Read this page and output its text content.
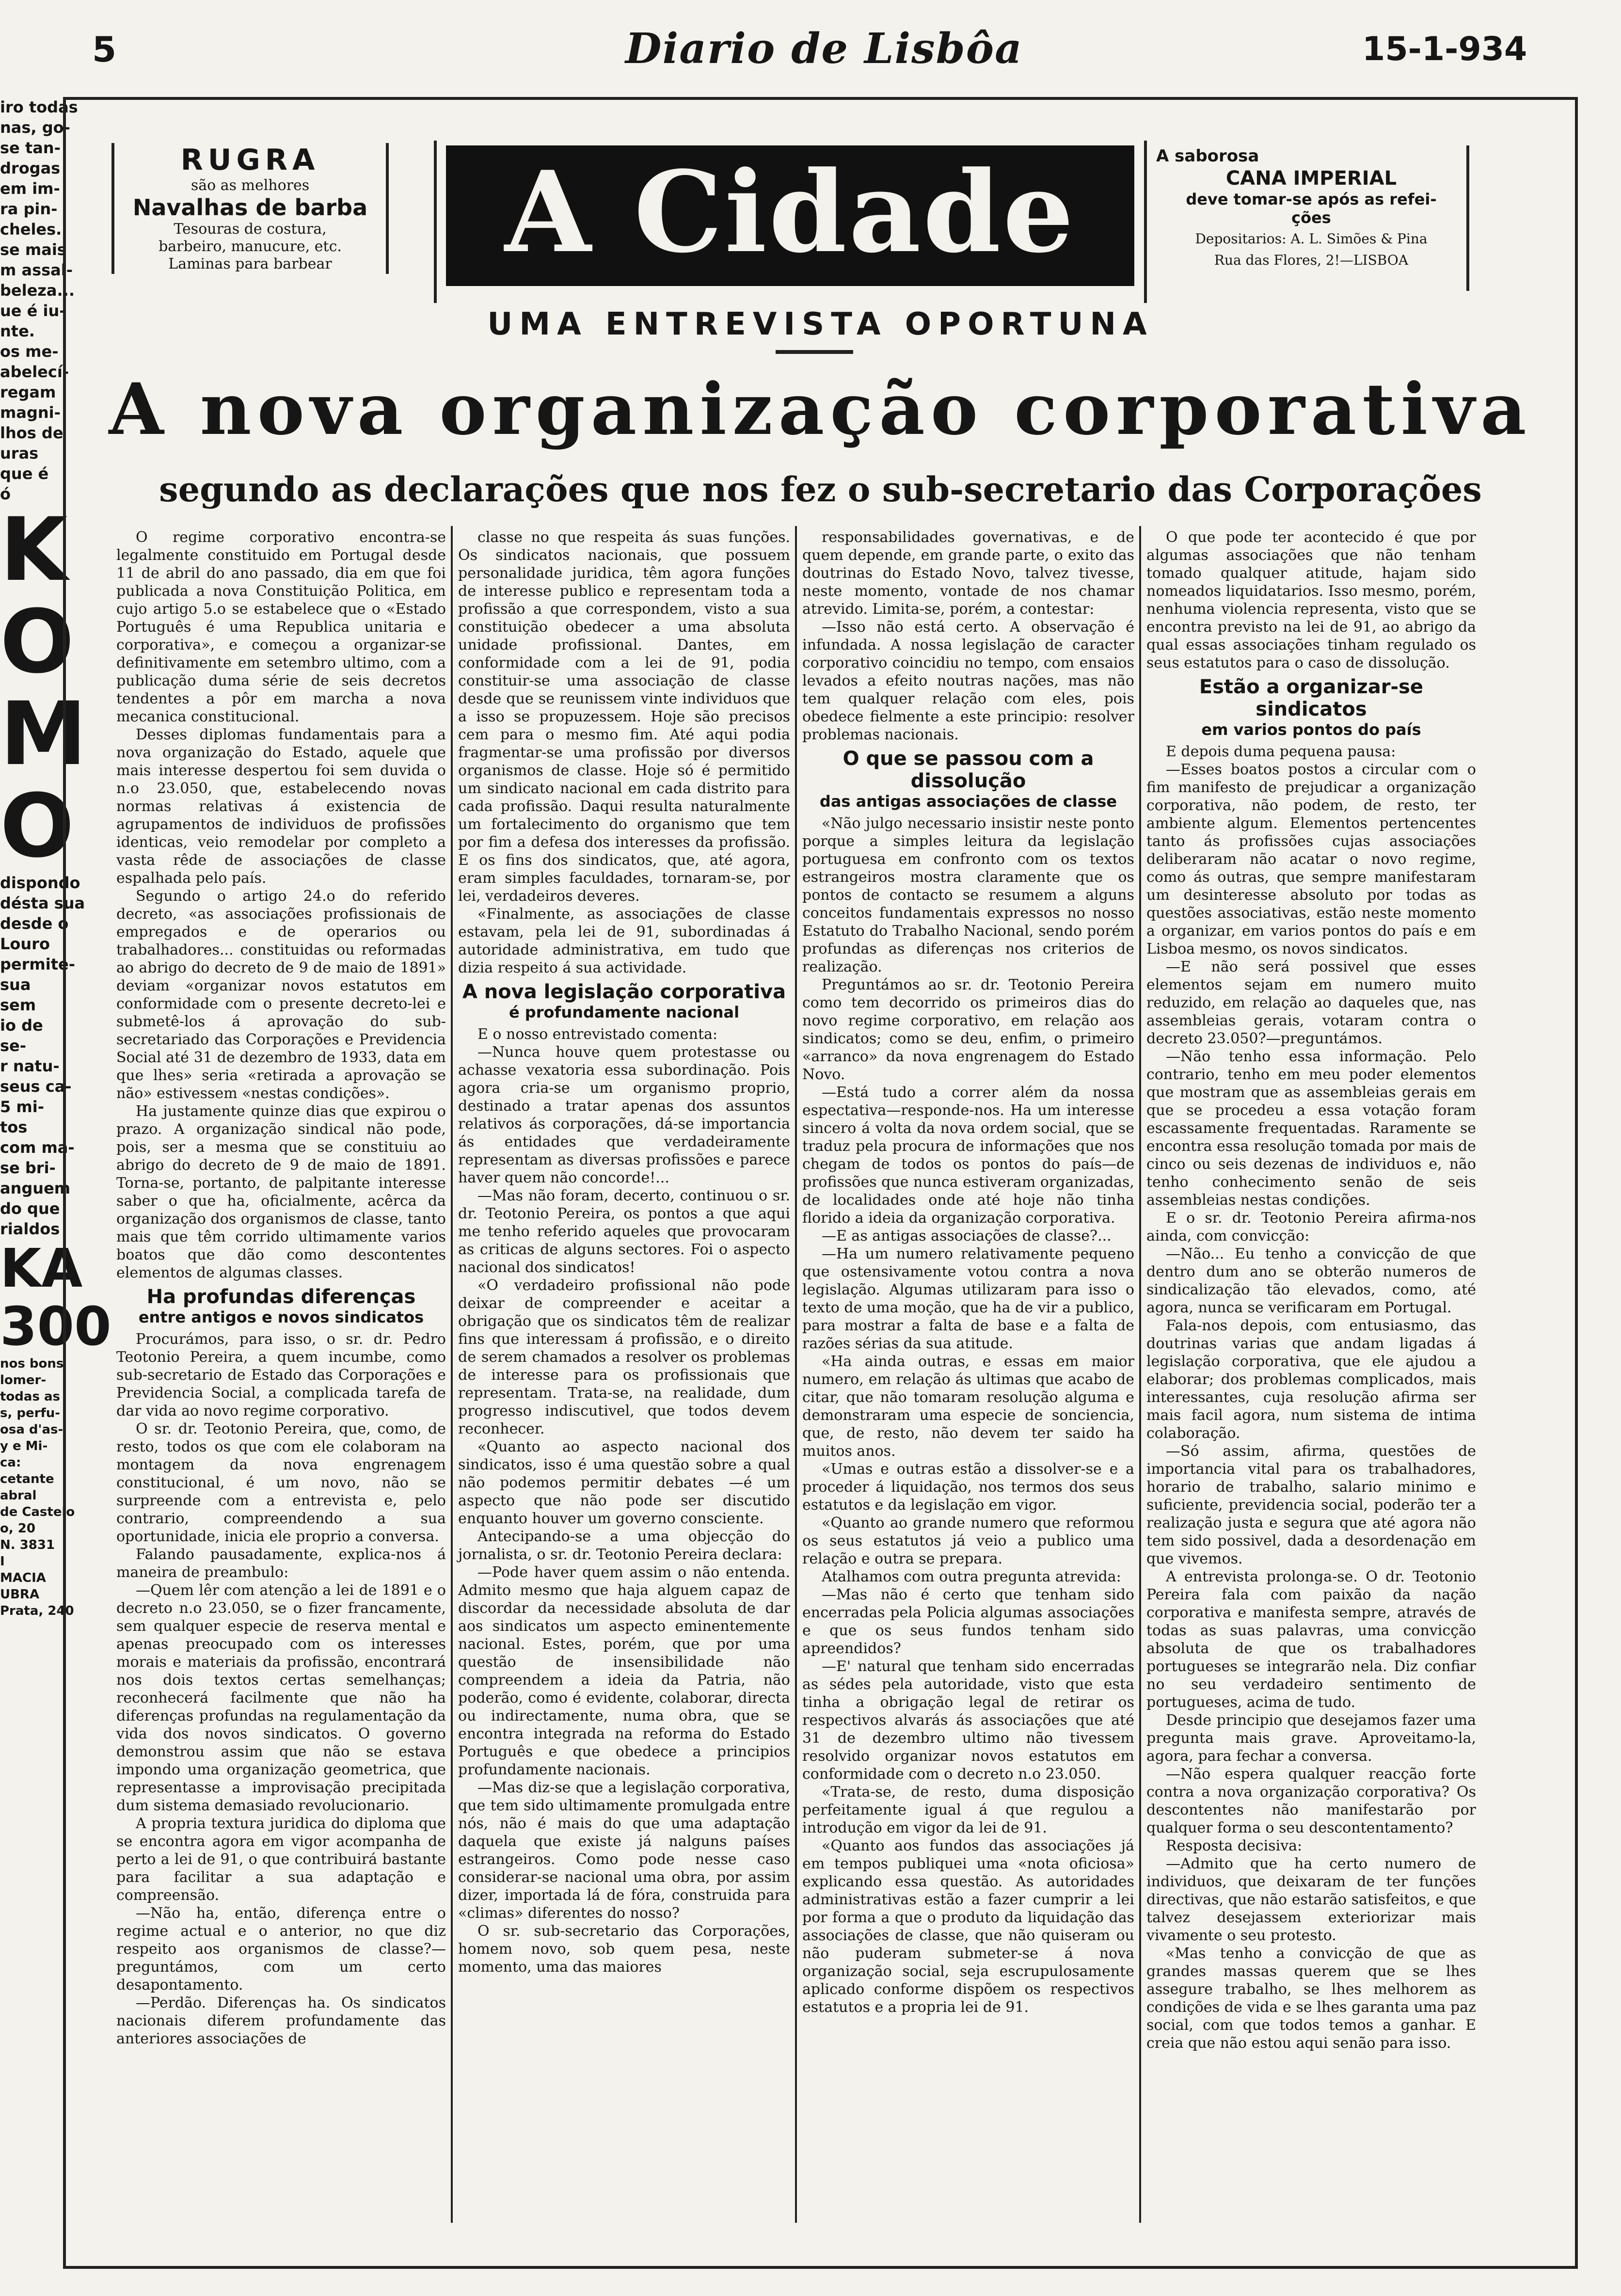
5	Diario de Lisbôa	15-1-934
iro todas
nas, go-
se tan-
drogas
em im-
ra pin-
cheles.
se mais
m assal-
beleza...
ue é iu-
nte.
os me-
abelecí-
regam
magni-
lhos de
uras
que é
ó
K
O
M
O
dispondo
désta sua
desde o
Louro
permite-
sua
sem
io de
se-
r natu-
seus ca-
5 mi-
tos
com ma-
se bri-
anguem
do que
rialdos
KA
300
nos bons
lomer-
todas as
s, perfu-
osa d'as-
y e Mi-
ca:
cetante
abral
de Castelo
o, 20
N. 3831
I
MACIA
UBRA
Prata, 240
RUGRA
são as melhores
Navalhas de barba
Tesouras de costura,
barbeiro, manucure, etc.
Laminas para barbear	A Cidade	A saborosa
CANA IMPERIAL
deve tomar-se após as refei-
ções
Depositarios: A. L. Simões & Pina
Rua das Flores, 2!—LISBOA
UMA ENTREVISTA OPORTUNA
A nova organização corporativa
segundo as declarações que nos fez o sub-secretario das Corporações

O regime corporativo encontra-se legalmente constituido em Portugal desde 11 de abril do ano passado, dia em que foi publicada a nova Constituição Politica, em cujo artigo 5.o se estabelece que o «Estado Português é uma Republica unitaria e corporativa», e começou a organizar-se definitivamente em setembro ultimo, com a publicação duma série de seis decretos tendentes a pôr em marcha a nova mecanica constitucional.

Desses diplomas fundamentais para a nova organização do Estado, aquele que mais interesse despertou foi sem duvida o n.o 23.050, que, estabelecendo novas normas relativas á existencia de agrupamentos de individuos de profissões identicas, veio remodelar por completo a vasta rêde de associações de classe espalhada pelo país.

Segundo o artigo 24.o do referido decreto, «as associações profissionais de empregados e de operarios ou trabalhadores... constituidas ou reformadas ao abrigo do decreto de 9 de maio de 1891» deviam «organizar novos estatutos em conformidade com o presente decreto-lei e submetê-los á aprovação do sub-secretariado das Corporações e Previdencia Social até 31 de dezembro de 1933, data em que lhes» seria «retirada a aprovação se não» estivessem «nestas condições».

Ha justamente quinze dias que expirou o prazo. A organização sindical não pode, pois, ser a mesma que se constituiu ao abrigo do decreto de 9 de maio de 1891. Torna-se, portanto, de palpitante interesse saber o que ha, oficialmente, acêrca da organização dos organismos de classe, tanto mais que têm corrido ultimamente varios boatos que dão como descontentes elementos de algumas classes.

Ha profundas diferenças
entre antigos e novos sindicatos

Procurámos, para isso, o sr. dr. Pedro Teotonio Pereira, a quem incumbe, como sub-secretario de Estado das Corporações e Previdencia Social, a complicada tarefa de dar vida ao novo regime corporativo.

O sr. dr. Teotonio Pereira, que, como, de resto, todos os que com ele colaboram na montagem da nova engrenagem constitucional, é um novo, não se surpreende com a entrevista e, pelo contrario, compreendendo a sua oportunidade, inicia ele proprio a conversa.

Falando pausadamente, explica-nos á maneira de preambulo:

—Quem lêr com atenção a lei de 1891 e o decreto n.o 23.050, se o fizer francamente, sem qualquer especie de reserva mental e apenas preocupado com os interesses morais e materiais da profissão, encontrará nos dois textos certas semelhanças; reconhecerá facilmente que não ha diferenças profundas na regulamentação da vida dos novos sindicatos. O governo demonstrou assim que não se estava impondo uma organização geometrica, que representasse a improvisação precipitada dum sistema demasiado revolucionario.

A propria textura juridica do diploma que se encontra agora em vigor acompanha de perto a lei de 91, o que contribuirá bastante para facilitar a sua adaptação e compreensão.

—Não ha, então, diferença entre o regime actual e o anterior, no que diz respeito aos organismos de classe?—preguntámos, com um certo desapontamento.

—Perdão. Diferenças ha. Os sindicatos nacionais diferem profundamente das anteriores associações de

classe no que respeita ás suas funções. Os sindicatos nacionais, que possuem personalidade juridica, têm agora funções de interesse publico e representam toda a profissão a que correspondem, visto a sua constituição obedecer a uma absoluta unidade profissional. Dantes, em conformidade com a lei de 91, podia constituir-se uma associação de classe desde que se reunissem vinte individuos que a isso se propuzessem. Hoje são precisos cem para o mesmo fim. Até aqui podia fragmentar-se uma profissão por diversos organismos de classe. Hoje só é permitido um sindicato nacional em cada distrito para cada profissão. Daqui resulta naturalmente um fortalecimento do organismo que tem por fim a defesa dos interesses da profissão. E os fins dos sindicatos, que, até agora, eram simples faculdades, tornaram-se, por lei, verdadeiros deveres.

«Finalmente, as associações de classe estavam, pela lei de 91, subordinadas á autoridade administrativa, em tudo que dizia respeito á sua actividade.

A nova legislação corporativa
é profundamente nacional

E o nosso entrevistado comenta:

—Nunca houve quem protestasse ou achasse vexatoria essa subordinação. Pois agora cria-se um organismo proprio, destinado a tratar apenas dos assuntos relativos ás corporações, dá-se importancia ás entidades que verdadeiramente representam as diversas profissões e parece haver quem não concorde!...

—Mas não foram, decerto, continuou o sr. dr. Teotonio Pereira, os pontos a que aqui me tenho referido aqueles que provocaram as criticas de alguns sectores. Foi o aspecto nacional dos sindicatos!

«O verdadeiro profissional não pode deixar de compreender e aceitar a obrigação que os sindicatos têm de realizar fins que interessam á profissão, e o direito de serem chamados a resolver os problemas de interesse para os profissionais que representam. Trata-se, na realidade, dum progresso indiscutivel, que todos devem reconhecer.

«Quanto ao aspecto nacional dos sindicatos, isso é uma questão sobre a qual não podemos permitir debates —é um aspecto que não pode ser discutido enquanto houver um governo consciente.

Antecipando-se a uma objecção do jornalista, o sr. dr. Teotonio Pereira declara:

—Pode haver quem assim o não entenda. Admito mesmo que haja alguem capaz de discordar da necessidade absoluta de dar aos sindicatos um aspecto eminentemente nacional. Estes, porém, que por uma questão de insensibilidade não compreendem a ideia da Patria, não poderão, como é evidente, colaborar, directa ou indirectamente, numa obra, que se encontra integrada na reforma do Estado Português e que obedece a principios profundamente nacionais.

—Mas diz-se que a legislação corporativa, que tem sido ultimamente promulgada entre nós, não é mais do que uma adaptação daquela que existe já nalguns países estrangeiros. Como pode nesse caso considerar-se nacional uma obra, por assim dizer, importada lá de fóra, construida para «climas» diferentes do nosso?

O sr. sub-secretario das Corporações, homem novo, sob quem pesa, neste momento, uma das maiores

responsabilidades governativas, e de quem depende, em grande parte, o exito das doutrinas do Estado Novo, talvez tivesse, neste momento, vontade de nos chamar atrevido. Limita-se, porém, a contestar:

—Isso não está certo. A observação é infundada. A nossa legislação de caracter corporativo coincidiu no tempo, com ensaios levados a efeito noutras nações, mas não tem qualquer relação com eles, pois obedece fielmente a este principio: resolver problemas nacionais.

O que se passou com a dissolução
das antigas associações de classe

«Não julgo necessario insistir neste ponto porque a simples leitura da legislação portuguesa em confronto com os textos estrangeiros mostra claramente que os pontos de contacto se resumem a alguns conceitos fundamentais expressos no nosso Estatuto do Trabalho Nacional, sendo porém profundas as diferenças nos criterios de realização.

Preguntámos ao sr. dr. Teotonio Pereira como tem decorrido os primeiros dias do novo regime corporativo, em relação aos sindicatos; como se deu, enfim, o primeiro «arranco» da nova engrenagem do Estado Novo.

—Está tudo a correr além da nossa espectativa—responde-nos. Ha um interesse sincero á volta da nova ordem social, que se traduz pela procura de informações que nos chegam de todos os pontos do país—de profissões que nunca estiveram organizadas, de localidades onde até hoje não tinha florido a ideia da organização corporativa.

—E as antigas associações de classe?...

—Ha um numero relativamente pequeno que ostensivamente votou contra a nova legislação. Algumas utilizaram para isso o texto de uma moção, que ha de vir a publico, para mostrar a falta de base e a falta de razões sérias da sua atitude.

«Ha ainda outras, e essas em maior numero, em relação ás ultimas que acabo de citar, que não tomaram resolução alguma e demonstraram uma especie de sonciencia, que, de resto, não devem ter saido ha muitos anos.

«Umas e outras estão a dissolver-se e a proceder á liquidação, nos termos dos seus estatutos e da legislação em vigor.

«Quanto ao grande numero que reformou os seus estatutos já veio a publico uma relação e outra se prepara.

Atalhamos com outra pregunta atrevida:

—Mas não é certo que tenham sido encerradas pela Policia algumas associações e que os seus fundos tenham sido apreendidos?

—E' natural que tenham sido encerradas as sédes pela autoridade, visto que esta tinha a obrigação legal de retirar os respectivos alvarás ás associações que até 31 de dezembro ultimo não tivessem resolvido organizar novos estatutos em conformidade com o decreto n.o 23.050.

«Trata-se, de resto, duma disposição perfeitamente igual á que regulou a introdução em vigor da lei de 91.

«Quanto aos fundos das associações já em tempos publiquei uma «nota oficiosa» explicando essa questão. As autoridades administrativas estão a fazer cumprir a lei por forma a que o produto da liquidação das associações de classe, que não quiseram ou não puderam submeter-se á nova organização social, seja escrupulosamente aplicado conforme dispõem os respectivos estatutos e a propria lei de 91.

O que pode ter acontecido é que por algumas associações que não tenham tomado qualquer atitude, hajam sido nomeados liquidatarios. Isso mesmo, porém, nenhuma violencia representa, visto que se encontra previsto na lei de 91, ao abrigo da qual essas associações tinham regulado os seus estatutos para o caso de dissolução.

Estão a organizar-se sindicatos
em varios pontos do país

E depois duma pequena pausa:

—Esses boatos postos a circular com o fim manifesto de prejudicar a organização corporativa, não podem, de resto, ter ambiente algum. Elementos pertencentes tanto ás profissões cujas associações deliberaram não acatar o novo regime, como ás outras, que sempre manifestaram um desinteresse absoluto por todas as questões associativas, estão neste momento a organizar, em varios pontos do país e em Lisboa mesmo, os novos sindicatos.

—E não será possivel que esses elementos sejam em numero muito reduzido, em relação ao daqueles que, nas assembleias gerais, votaram contra o decreto 23.050?—preguntámos.

—Não tenho essa informação. Pelo contrario, tenho em meu poder elementos que mostram que as assembleias gerais em que se procedeu a essa votação foram escassamente frequentadas. Raramente se encontra essa resolução tomada por mais de cinco ou seis dezenas de individuos e, não tenho conhecimento senão de seis assembleias nestas condições.

E o sr. dr. Teotonio Pereira afirma-nos ainda, com convicção:

—Não... Eu tenho a convicção de que dentro dum ano se obterão numeros de sindicalização tão elevados, como, até agora, nunca se verificaram em Portugal.

Fala-nos depois, com entusiasmo, das doutrinas varias que andam ligadas á legislação corporativa, que ele ajudou a elaborar; dos problemas complicados, mais interessantes, cuja resolução afirma ser mais facil agora, num sistema de intima colaboração.

—Só assim, afirma, questões de importancia vital para os trabalhadores, horario de trabalho, salario minimo e suficiente, previdencia social, poderão ter a realização justa e segura que até agora não tem sido possivel, dada a desordenação em que vivemos.

A entrevista prolonga-se. O dr. Teotonio Pereira fala com paixão da nação corporativa e manifesta sempre, através de todas as suas palavras, uma convicção absoluta de que os trabalhadores portugueses se integrarão nela. Diz confiar no seu verdadeiro sentimento de portugueses, acima de tudo.

Desde principio que desejamos fazer uma pregunta mais grave. Aproveitamo-la, agora, para fechar a conversa.

—Não espera qualquer reacção forte contra a nova organização corporativa? Os descontentes não manifestarão por qualquer forma o seu descontentamento?

Resposta decisiva:

—Admito que ha certo numero de individuos, que deixaram de ter funções directivas, que não estarão satisfeitos, e que talvez desejassem exteriorizar mais vivamente o seu protesto.

«Mas tenho a convicção de que as grandes massas querem que se lhes assegure trabalho, se lhes melhorem as condições de vida e se lhes garanta uma paz social, com que todos temos a ganhar. E creia que não estou aqui senão para isso.
